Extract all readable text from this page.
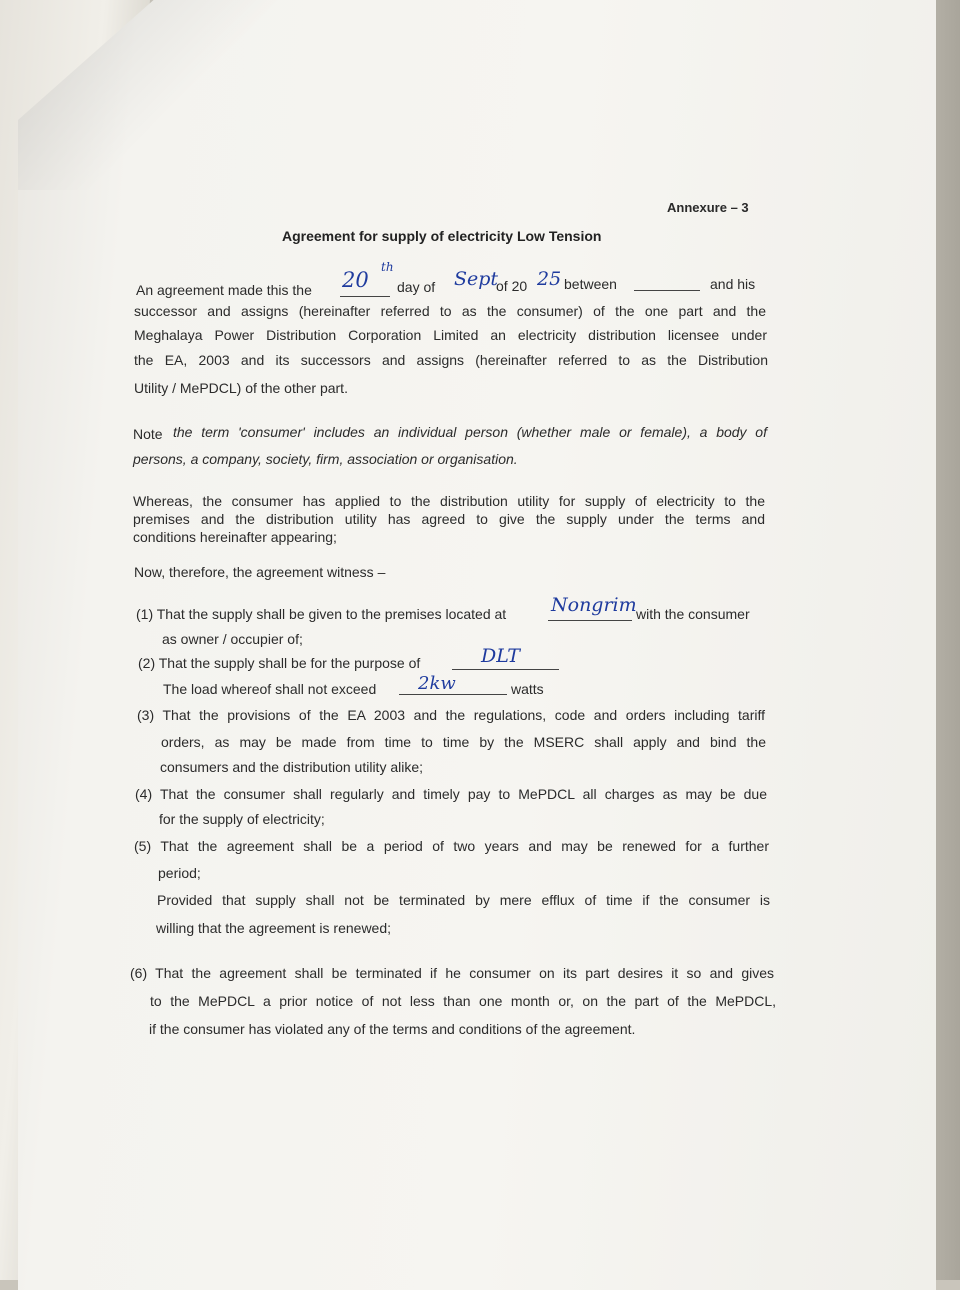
Annexure – 3
Agreement for supply of electricity Low Tension
An agreement made this the 20
th
day of Sept
of 20 25 between	and his
successor and assigns (hereinafter referred to as the consumer) of the one part and the
Meghalaya Power Distribution Corporation Limited an electricity distribution licensee under
the EA, 2003 and its successors and assigns (hereinafter referred to as the Distribution
Utility / MePDCL) of the other part.
Note the term 'consumer' includes an individual person (whether male or female), a body of
persons, a company, society, firm, association or organisation.
Whereas, the consumer has applied to the distribution utility for supply of electricity to the
premises and the distribution utility has agreed to give the supply under the terms and
conditions hereinafter appearing;
Now, therefore, the agreement witness –
(1) That the supply shall be given to the premises located at Nongrim with the consumer
as owner / occupier of;
(2) That the supply shall be for the purpose of	DLT
The load whereof shall not exceed 2kw	watts
(3) That the provisions of the EA 2003 and the regulations, code and orders including tariff
orders, as may be made from time to time by the MSERC shall apply and bind the
consumers and the distribution utility alike;
(4) That the consumer shall regularly and timely pay to MePDCL all charges as may be due
for the supply of electricity;
(5) That the agreement shall be a period of two years and may be renewed for a further
period;
Provided that supply shall not be terminated by mere efflux of time if the consumer is
willing that the agreement is renewed;
(6) That the agreement shall be terminated if he consumer on its part desires it so and gives
to the MePDCL a prior notice of not less than one month or, on the part of the MePDCL,
if the consumer has violated any of the terms and conditions of the agreement.
